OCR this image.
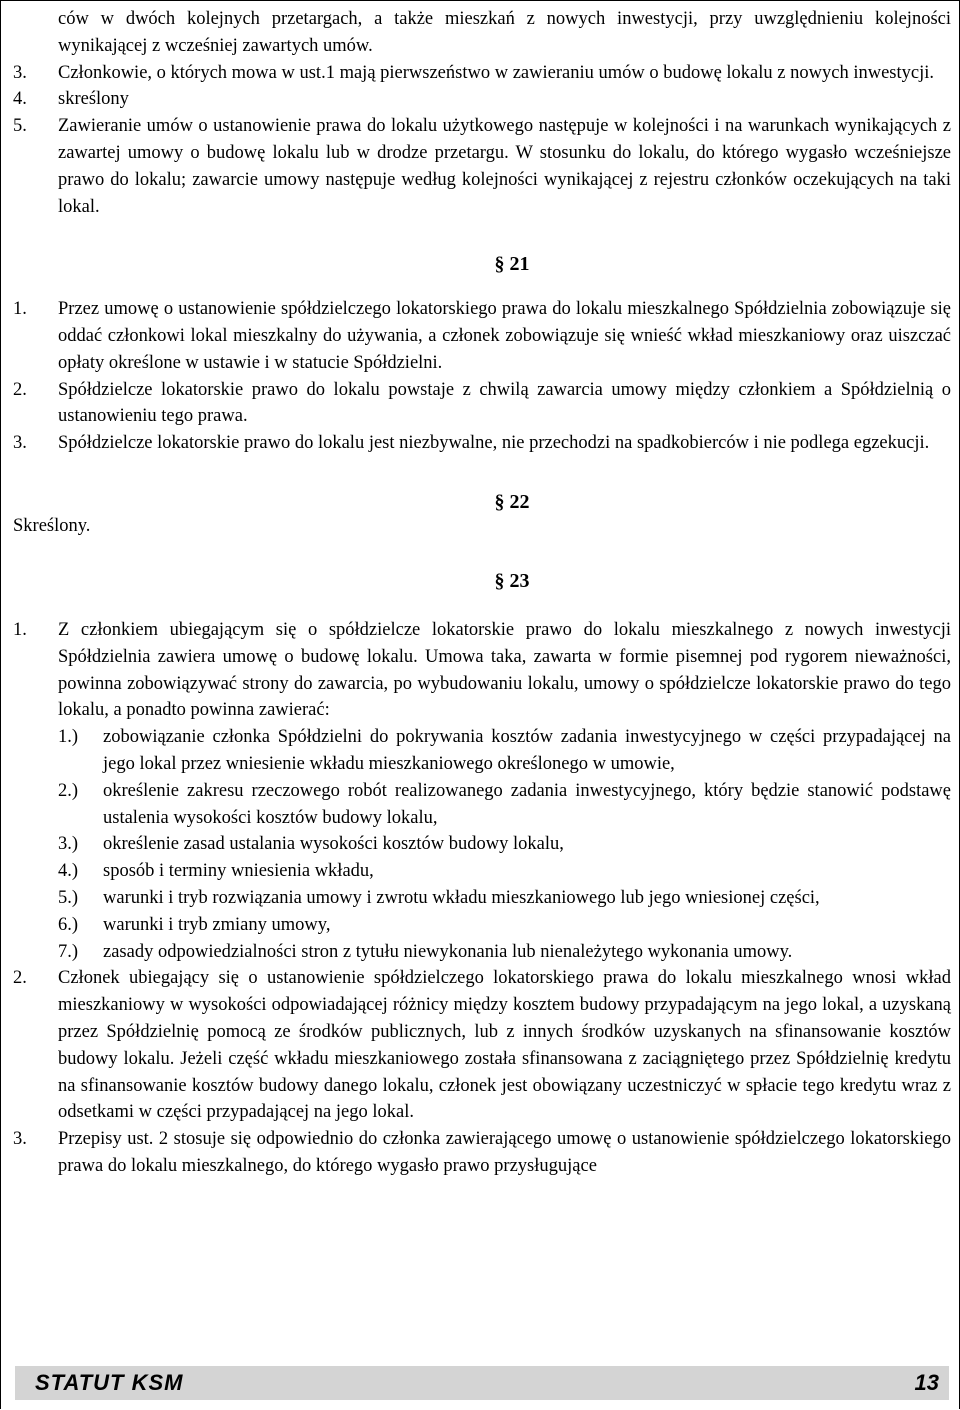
ców w dwóch kolejnych przetargach, a także mieszkań z nowych inwestycji, przy uwzględnieniu kolejności wynikającej z wcześniej zawartych umów.

3. Członkowie, o których mowa w ust.1 mają pierwszeństwo w zawieraniu umów o budowę lokalu z nowych inwestycji.
4. skreślony
5. Zawieranie umów o ustanowienie prawa do lokalu użytkowego następuje w kolejności i na warunkach wynikających z zawartej umowy o budowę lokalu lub w drodze przetargu. W stosunku do lokalu, do którego wygasło wcześniejsze prawo do lokalu; zawarcie umowy następuje według kolejności wynikającej z rejestru członków oczekujących na taki lokal.
§ 21
1. Przez umowę o ustanowienie spółdzielczego lokatorskiego prawa do lokalu mieszkalnego Spółdzielnia zobowiązuje się oddać członkowi lokal mieszkalny do używania, a członek zobowiązuje się wnieść wkład mieszkaniowy oraz uiszczać opłaty określone w ustawie i w statucie Spółdzielni.
2. Spółdzielcze lokatorskie prawo do lokalu powstaje z chwilą zawarcia umowy między członkiem a Spółdzielnią o ustanowieniu tego prawa.
3. Spółdzielcze lokatorskie prawo do lokalu jest niezbywalne, nie przechodzi na spadkobierców i nie podlega egzekucji.
§ 22
Skreślony.
§ 23
1. Z członkiem ubiegającym się o spółdzielcze lokatorskie prawo do lokalu mieszkalnego z nowych inwestycji Spółdzielnia zawiera umowę o budowę lokalu. Umowa taka, zawarta w formie pisemnej pod rygorem nieważności, powinna zobowiązywać strony do zawarcia, po wybudowaniu lokalu, umowy o spółdzielcze lokatorskie prawo do tego lokalu, a ponadto powinna zawierać:
1.) zobowiązanie członka Spółdzielni do pokrywania kosztów zadania inwestycyjnego w części przypadającej na jego lokal przez wniesienie wkładu mieszkaniowego określonego w umowie,
2.) określenie zakresu rzeczowego robót realizowanego zadania inwestycyjnego, który będzie stanowić podstawę ustalenia wysokości kosztów budowy lokalu,
3.) określenie zasad ustalania wysokości kosztów budowy lokalu,
4.) sposób i terminy wniesienia wkładu,
5.) warunki i tryb rozwiązania umowy i zwrotu wkładu mieszkaniowego lub jego wniesionej części,
6.) warunki i tryb zmiany umowy,
7.) zasady odpowiedzialności stron z tytułu niewykonania lub nienależytego wykonania umowy.
2. Członek ubiegający się o ustanowienie spółdzielczego lokatorskiego prawa do lokalu mieszkalnego wnosi wkład mieszkaniowy w wysokości odpowiadającej różnicy między kosztem budowy przypadającym na jego lokal, a uzyskaną przez Spółdzielnię pomocą ze środków publicznych, lub z innych środków uzyskanych na sfinansowanie kosztów budowy lokalu. Jeżeli część wkładu mieszkaniowego została sfinansowana z zaciągniętego przez Spółdzielnię kredytu na sfinansowanie kosztów budowy danego lokalu, członek jest obowiązany uczestniczyć w spłacie tego kredytu wraz z odsetkami w części przypadającej na jego lokal.
3. Przepisy ust. 2 stosuje się odpowiednio do członka zawierającego umowę o ustanowienie spółdzielczego lokatorskiego prawa do lokalu mieszkalnego, do którego wygasło prawo przysługujące
STATUT KSM	13
